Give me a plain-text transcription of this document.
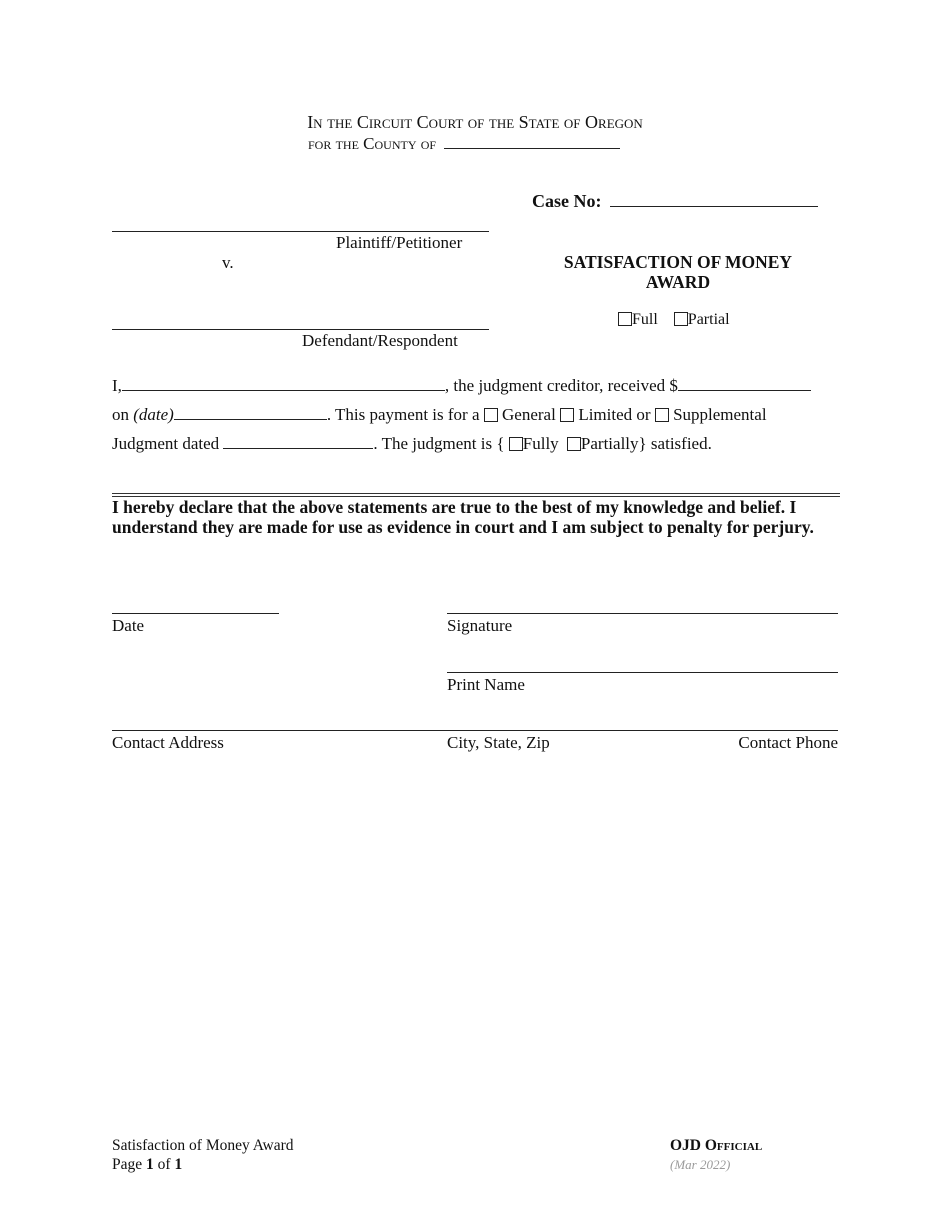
In the Circuit Court of the State of Oregon
for the County of
Case No:
Plaintiff/Petitioner
v.
Defendant/Respondent
SATISFACTION OF MONEY
AWARD
Full Partial
I,	, the judgment creditor, received $
on (date)	. This payment is for a General Limited or Supplemental
Judgment dated	. The judgment is { Fully Partially} satisfied.
I hereby declare that the above statements are true to the best of my knowledge and belief. I understand they are made for use as evidence in court and I am subject to penalty for perjury.
Date	Signature
Print Name
Contact Address	City, State, Zip	Contact Phone
Satisfaction of Money Award
Page 1 of 1
OJD Official
(Mar 2022)
